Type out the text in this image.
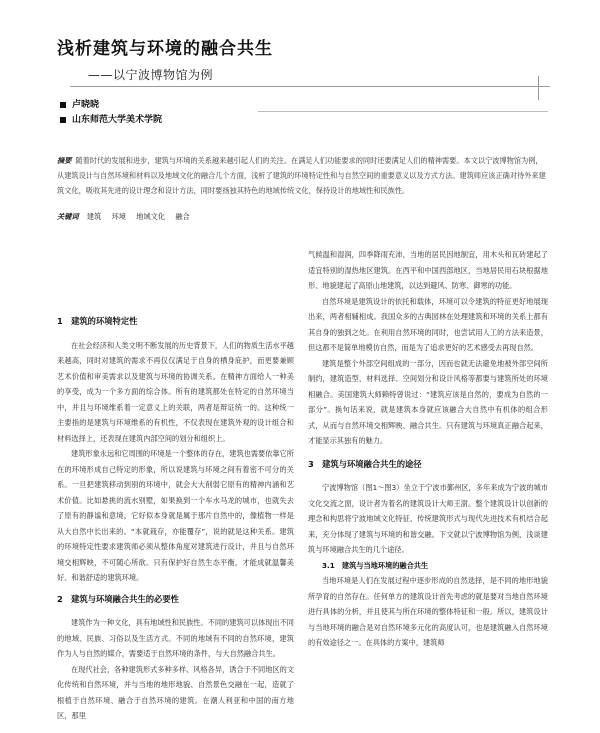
浅析建筑与环境的融合共生
——以宁波博物馆为例
卢晓晓
山东师范大学美术学院
摘要 随着时代的发展和进步，建筑与环境的关系越来越引起人们的关注。在满足人们功能要求的同时还要满足人们的精神需要。本文以宁波博物馆为例，从建筑设计与自然环境和材料以及地域文化的融合几个方面，浅析了建筑的环境特定性和与自然空间的重要意义以及方式方法。建筑师应该正确对待外来建筑文化，吸收其先进的设计理念和设计方法，同时要扬独其特色的地域传统文化，保持设计的地域性和民族性。
关键词 建筑 环境 地域文化 融合
1　建筑的环境特定性

在社会经济和人类文明不断发展的历史背景下，人们的物质生活水平越来越高，同时对建筑的需求不再仅仅满足于自身的栖身庇护，而更要兼顾艺术价值和审美需求以及建筑与环境的协调关系。在精神方面给人一种美的享受，成为一个多方面的综合体。所有的建筑都处在特定的自然环境当中，并且与环境维系着一定意义上的关联，两者是辩证统一的。这种统一主要指的是建筑与环境维系的有机性，不仅表现在建筑外观的设计组合和材料选择上，还表现在建筑内部空间的划分和组织上。

建筑形象永远和它周围的环境是一个整体的存在，建筑也需要依靠它所在的环境形成自己特定的形象，所以说建筑与环境之间有着密不可分的关系。一旦把建筑移动到别的环境中，就会大大削弱它原有的精神内涵和艺术价值。比如悬挑的流水别墅，如果换到一个车水马龙的城市，也就失去了原有的静谧和意境，它好似本身就是属于那片自然中的，像植物一样是从大自然中长出来的。“本就栽存，亦能覆存”，说的就是这种关系。建筑的环境特定性要求建筑师必须从整体角度对建筑进行设计，并且与自然环境交相辉映，不可随心所欲。只有保护好自然生态平衡，才能成就温馨美好、和谐舒适的建筑环境。

2　建筑与环境融合共生的必要性

建筑作为一种文化，具有地域性和民族性。不同的建筑可以体现出不同的地域、民族、习俗以及生活方式。不同的地域有不同的自然环境，建筑作为人与自然的媒介，需要适于自然环境的条件，与大自然融合共生。

在现代社会，各种建筑形式多种多样、风格各异，诱合于不同地区的文化传统和自然环境，并与当地的地形地貌、自然景色交融在一起，造就了根植于自然环境、融合于自然环境的建筑。在潮人利亚和中国的南方地区，那里

气候温和湿润，四季降雨充沛，当地的居民因地制宜，用木头和瓦砖建起了适宜特别的湿热地区建筑。在西平和中国西部地区，当地居民用石块根据地形、地貌建起了高原山地建筑，以达到避风、防寒、御寒的功能。

自然环境是建筑设计的依托和载体，环境可以令建筑的特征更好地展现出来，两者相辅相成。我国众多的古典园林在处理建筑和环境的关系上都有其自身的独到之处。在利用自然环境的同时，也尝试用人工的方法来造景，但这都不是简单地模仿自然，而是为了追求更好的艺术感受去再现自然。

建筑是整个外部空间组成的一部分，因而也就无法避免地被外部空间所制约，建筑造型、材料选择、空间划分和设计风格等都要与建筑所处的环境相融合。美国建筑大师赖特曾说过：“建筑应该是自然的，要成为自然的一部分”。换句话来说，就是建筑本身就应该融合大自然中有机体的组合形式，从而与自然环境交相辉映、融合共生。只有建筑与环境真正融合起来，才能显示其独有的魅力。

3　建筑与环境融合共生的途径

宁波博物馆（图1～图3）坐立于宁波市鄞州区，多年来成为宁波的城市文化交流之窗，设计者为着名的建筑设计大师王澍。整个建筑设计以创新的理念和构思将宁波地域文化特征、传统建筑形式与现代先进技术有机结合起来，充分体现了建筑与环境的和谐交融。下文就以宁波博物馆为例，浅谈建筑与环境融合共生的几个途径。

3.1　建筑与当地环境的融合共生

当地环境是人们在发展过程中逐步形成的自然选择，是不同的地形地貌所孕育的自然存在。任何单方的建筑设计首先考虑的就是要对当地自然环境进行具体的分析，并且使其与所在环境的整体特征和一般。所以，建筑设计与当地环境的融合是对自然环境多元化的高度认可，也是建筑融入自然环境的有效途径之一。在具体的方案中，建筑师
